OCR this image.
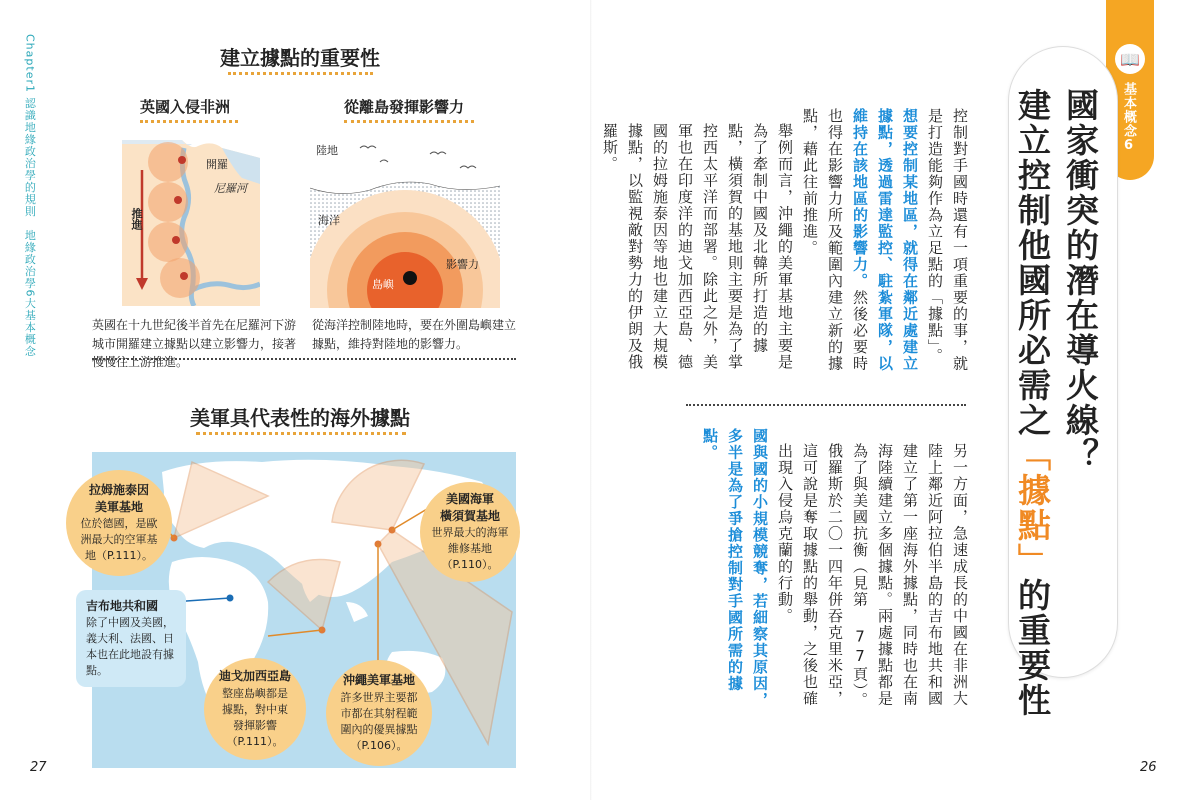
Chapter1 認識地緣政治學的規則　地緣政治學6大基本概念	建立據點的重要性
英國入侵非洲
開羅
尼羅河
推進
英國在十九世紀後半首先在尼羅河下游城市開羅建立據點以建立影響力，接著慢慢往上游推進。
從離島發揮影響力
陸地
海洋
影響力
島嶼
從海洋控制陸地時，要在外圍島嶼建立據點，維持對陸地的影響力。
美軍具代表性的海外據點
拉姆施泰因
美軍基地
位於德國，是歐洲最大的空軍基地（P.111）。
美國海軍
橫須賀基地
世界最大的海軍維修基地（P.110）。
吉布地共和國
除了中國及美國，義大利、法國、日本也在此地設有據點。	迪戈加西亞島
整座島嶼都是據點，對中東發揮影響（P.111）。
沖繩美軍基地
許多世界主要都市都在其射程範圍內的優異據點（P.106）。
27
📖
基本概念6
國家衝突的潛在導火線？
建立控制他國所必需之「據點」的重要性
控制對手國時還有一項重要的事，就是打造能夠作為立足點的「據點」。想要控制某地區，就得在鄰近處建立據點，透過雷達監控、駐紮軍隊，以維持在該地區的影響力。然後必要時也得在影響力所及範圍內建立新的據點，藉此往前推進。
舉例而言，沖繩的美軍基地主要是為了牽制中國及北韓所打造的據點，橫須賀的基地則主要是為了掌控西太平洋而部署。除此之外，美軍也在印度洋的迪戈加西亞島、德國的拉姆施泰因等地也建立大規模據點，以監視敵對勢力的伊朗及俄羅斯。
另一方面，急速成長的中國在非洲大陸上鄰近阿拉伯半島的吉布地共和國建立了第一座海外據點，同時也在南海陸續建立多個據點。兩處據點都是為了與美國抗衡（見第 77頁）。
俄羅斯於二〇一四年併吞克里米亞，這可說是奪取據點的舉動，之後也確出現入侵烏克蘭的行動。國與國的小規模競奪，若細察其原因，多半是為了爭搶控制對手國所需的據點。
26
